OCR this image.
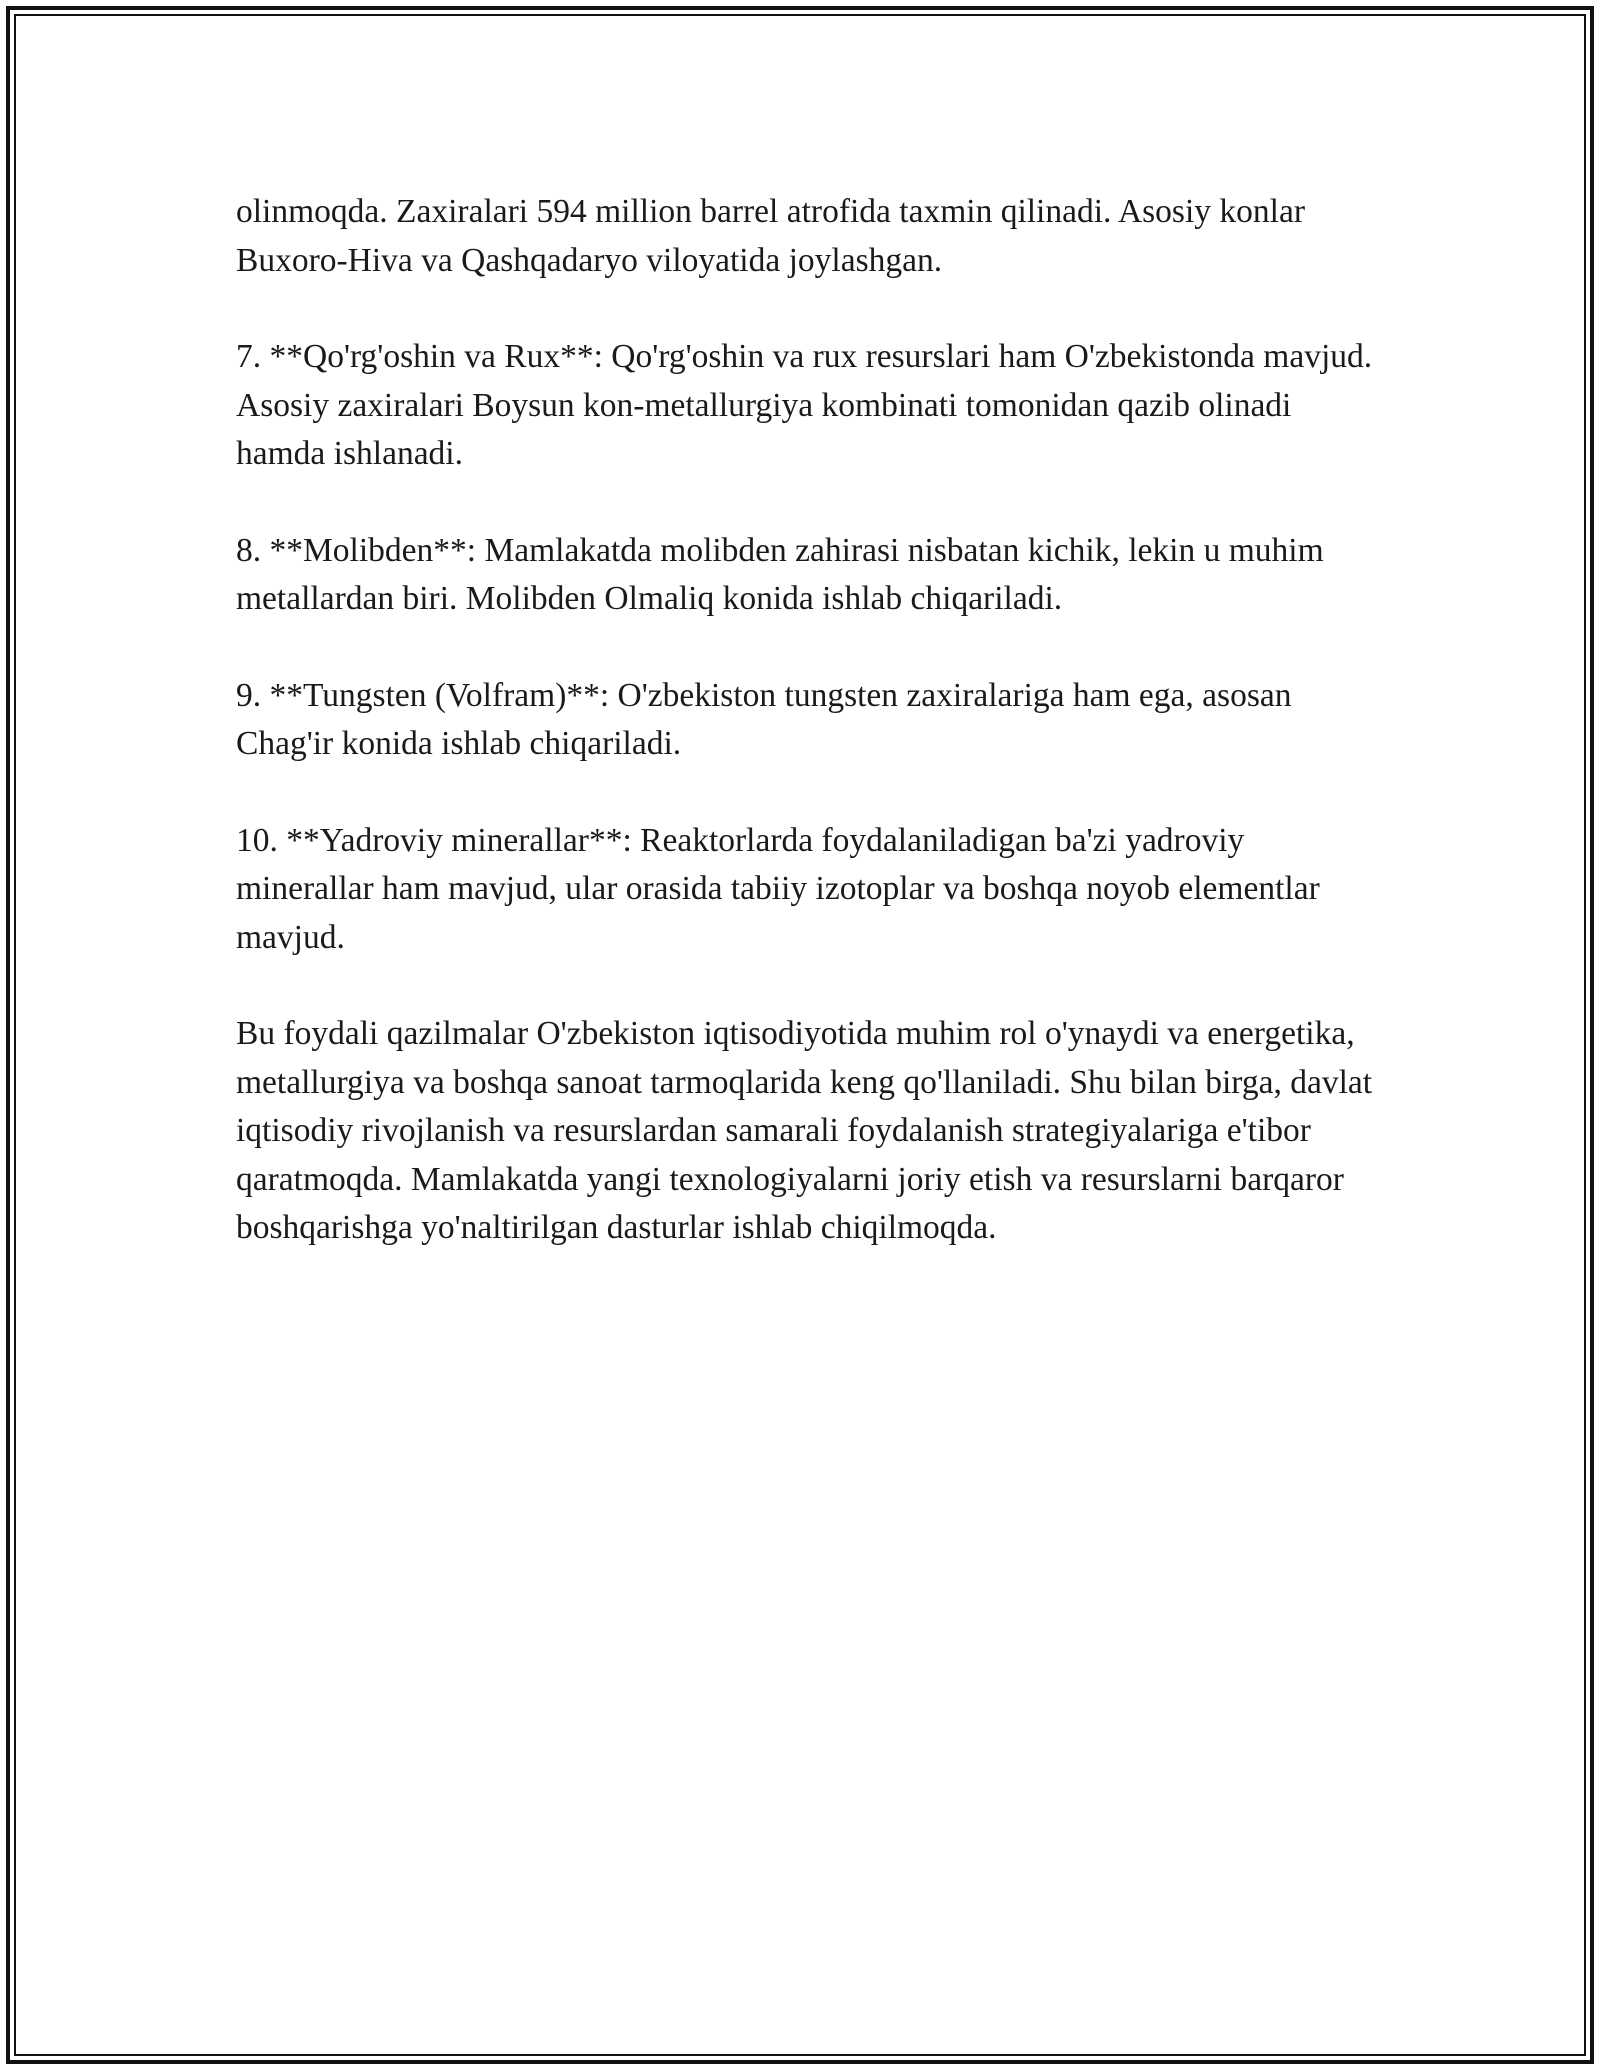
olinmoqda. Zaxiralari 594 million barrel atrofida taxmin qilinadi. Asosiy konlar Buxoro-Hiva va Qashqadaryo viloyatida joylashgan.

7. **Qo'rg'oshin va Rux**: Qo'rg'oshin va rux resurslari ham O'zbekistonda mavjud. Asosiy zaxiralari Boysun kon-metallurgiya kombinati tomonidan qazib olinadi hamda ishlanadi.

8. **Molibden**: Mamlakatda molibden zahirasi nisbatan kichik, lekin u muhim metallardan biri. Molibden Olmaliq konida ishlab chiqariladi.

9. **Tungsten (Volfram)**: O'zbekiston tungsten zaxiralariga ham ega, asosan Chag'ir konida ishlab chiqariladi.

10. **Yadroviy minerallar**: Reaktorlarda foydalaniladigan ba'zi yadroviy minerallar ham mavjud, ular orasida tabiiy izotoplar va boshqa noyob elementlar mavjud.

Bu foydali qazilmalar O'zbekiston iqtisodiyotida muhim rol o'ynaydi va energetika, metallurgiya va boshqa sanoat tarmoqlarida keng qo'llaniladi. Shu bilan birga, davlat iqtisodiy rivojlanish va resurslardan samarali foydalanish strategiyalariga e'tibor qaratmoqda. Mamlakatda yangi texnologiyalarni joriy etish va resurslarni barqaror boshqarishga yo'naltirilgan dasturlar ishlab chiqilmoqda.
